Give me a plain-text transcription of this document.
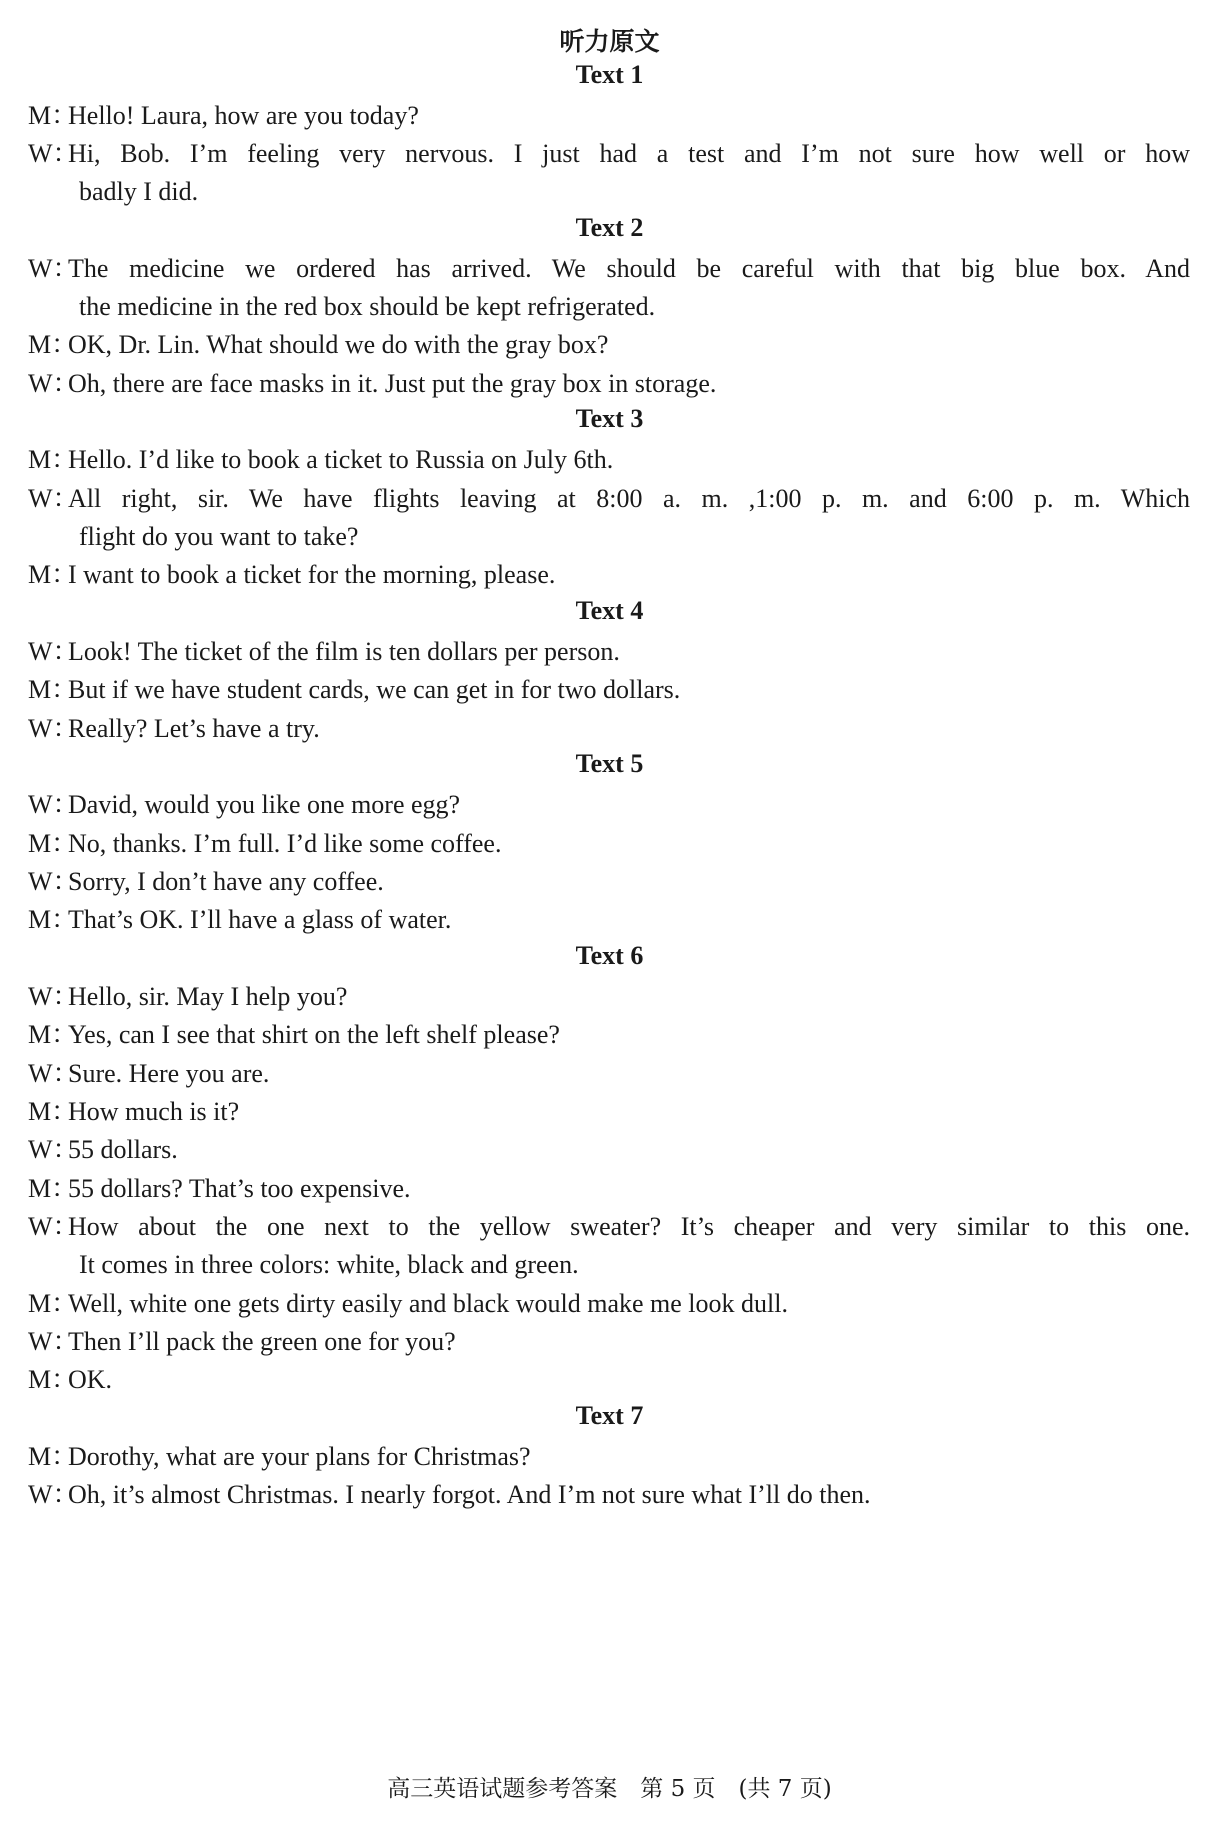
听力原文
Text 1
M：Hello! Laura, how are you today?
W：Hi, Bob. I’m feeling very nervous. I just had a test and I’m not sure how well or how
badly I did.
Text 2
W：The medicine we ordered has arrived. We should be careful with that big blue box. And
the medicine in the red box should be kept refrigerated.
M：OK, Dr. Lin. What should we do with the gray box?
W：Oh, there are face masks in it. Just put the gray box in storage.
Text 3
M：Hello. I’d like to book a ticket to Russia on July 6th.
W：All right, sir. We have flights leaving at 8:00 a. m. ,1:00 p. m. and 6:00 p. m. Which
flight do you want to take?
M：I want to book a ticket for the morning, please.
Text 4
W：Look! The ticket of the film is ten dollars per person.
M：But if we have student cards, we can get in for two dollars.
W：Really? Let’s have a try.
Text 5
W：David, would you like one more egg?
M：No, thanks. I’m full. I’d like some coffee.
W：Sorry, I don’t have any coffee.
M：That’s OK. I’ll have a glass of water.
Text 6
W：Hello, sir. May I help you?
M：Yes, can I see that shirt on the left shelf please?
W：Sure. Here you are.
M：How much is it?
W：55 dollars.
M：55 dollars? That’s too expensive.
W：How about the one next to the yellow sweater? It’s cheaper and very similar to this one.
It comes in three colors: white, black and green.
M：Well, white one gets dirty easily and black would make me look dull.
W：Then I’ll pack the green one for you?
M：OK.
Text 7
M：Dorothy, what are your plans for Christmas?
W：Oh, it’s almost Christmas. I nearly forgot. And I’m not sure what I’ll do then.
高三英语试题参考答案　第 5 页　(共 7 页)
